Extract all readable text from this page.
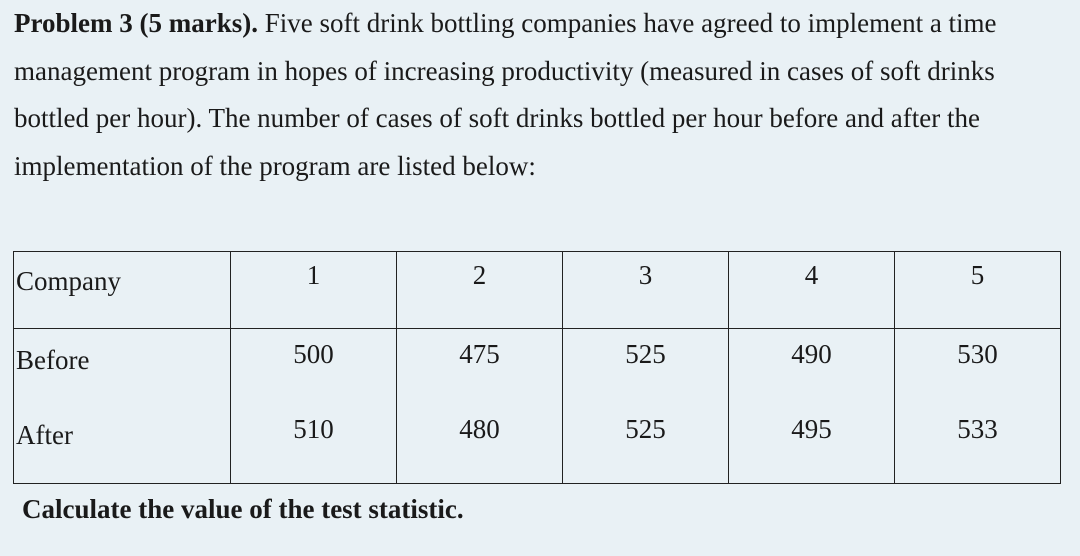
Problem 3 (5 marks). Five soft drink bottling companies have agreed to implement a time management program in hopes of increasing productivity (measured in cases of soft drinks bottled per hour). The number of cases of soft drinks bottled per hour before and after the implementation of the program are listed below:
Company	1	2	3	4	5
Before	500	475	525	490	530
After	510	480	525	495	533
Calculate the value of the test statistic.
